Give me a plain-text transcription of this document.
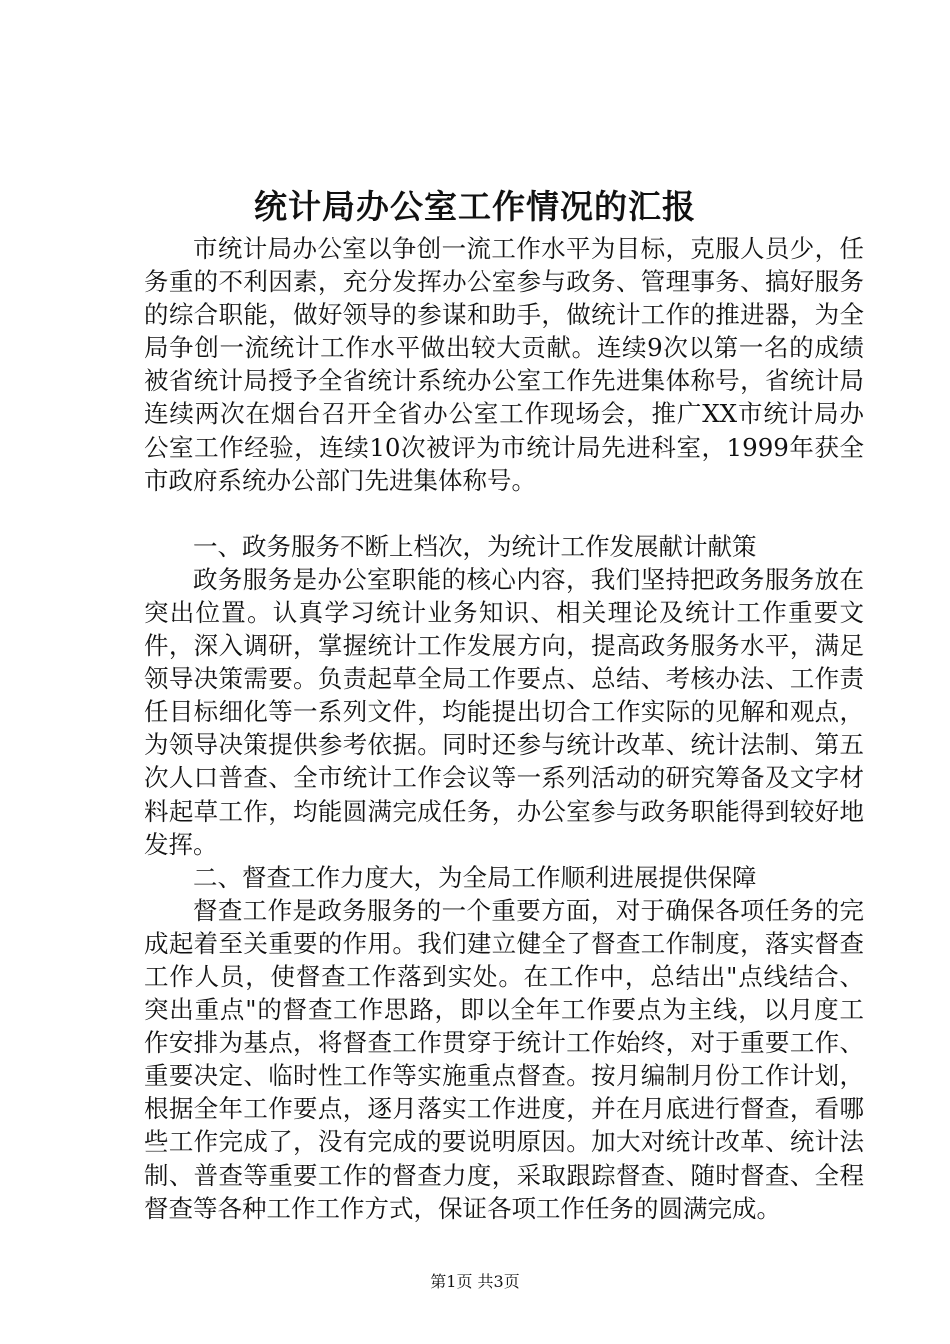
统计局办公室工作情况的汇报

市统计局办公室以争创一流工作水平为目标，克服人员少，任务重的不利因素，充分发挥办公室参与政务、管理事务、搞好服务的综合职能，做好领导的参谋和助手，做统计工作的推进器，为全局争创一流统计工作水平做出较大贡献。连续9次以第一名的成绩被省统计局授予全省统计系统办公室工作先进集体称号，省统计局连续两次在烟台召开全省办公室工作现场会，推广XX市统计局办公室工作经验，连续10次被评为市统计局先进科室，1999年获全市政府系统办公部门先进集体称号。

一、政务服务不断上档次，为统计工作发展献计献策

政务服务是办公室职能的核心内容，我们坚持把政务服务放在突出位置。认真学习统计业务知识、相关理论及统计工作重要文件，深入调研，掌握统计工作发展方向，提高政务服务水平，满足领导决策需要。负责起草全局工作要点、总结、考核办法、工作责任目标细化等一系列文件，均能提出切合工作实际的见解和观点，为领导决策提供参考依据。同时还参与统计改革、统计法制、第五次人口普查、全市统计工作会议等一系列活动的研究筹备及文字材料起草工作，均能圆满完成任务，办公室参与政务职能得到较好地发挥。

二、督查工作力度大，为全局工作顺利进展提供保障

督查工作是政务服务的一个重要方面，对于确保各项任务的完成起着至关重要的作用。我们建立健全了督查工作制度，落实督查工作人员，使督查工作落到实处。在工作中，总结出"点线结合、突出重点"的督查工作思路，即以全年工作要点为主线，以月度工作安排为基点，将督查工作贯穿于统计工作始终，对于重要工作、重要决定、临时性工作等实施重点督查。按月编制月份工作计划，根据全年工作要点，逐月落实工作进度，并在月底进行督查，看哪些工作完成了，没有完成的要说明原因。加大对统计改革、统计法制、普查等重要工作的督查力度，采取跟踪督查、随时督查、全程督查等各种工作工作方式，保证各项工作任务的圆满完成。

第1页 共3页
